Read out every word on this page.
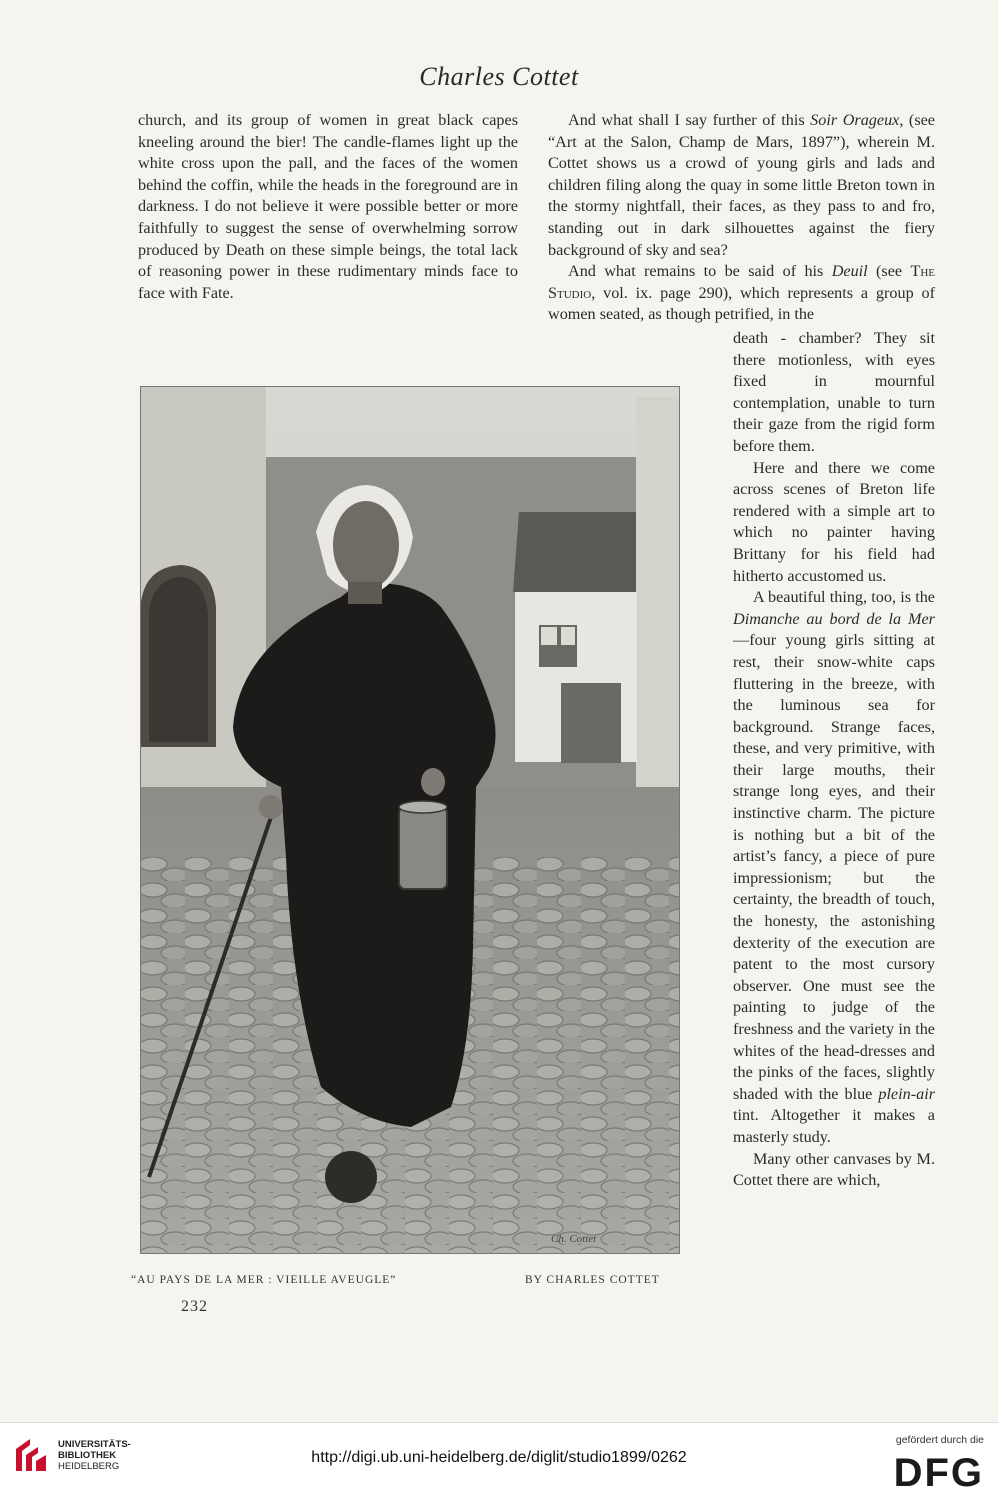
Charles Cottet

church, and its group of women in great black capes kneeling around the bier! The candle-flames light up the white cross upon the pall, and the faces of the women behind the coffin, while the heads in the foreground are in darkness. I do not believe it were possible better or more faithfully to suggest the sense of overwhelming sorrow produced by Death on these simple beings, the total lack of reasoning power in these rudimentary minds face to face with Fate.

And what shall I say further of this Soir Orageux, (see “Art at the Salon, Champ de Mars, 1897”), wherein M. Cottet shows us a crowd of young girls and lads and children filing along the quay in some little Breton town in the stormy nightfall, their faces, as they pass to and fro, standing out in dark silhouettes against the fiery background of sky and sea?

And what remains to be said of his Deuil (see The Studio, vol. ix. page 290), which represents a group of women seated, as though petrified, in the

death - chamber? They sit there motionless, with eyes fixed in mournful contemplation, unable to turn their gaze from the rigid form before them.

Here and there we come across scenes of Breton life rendered with a simple art to which no painter having Brittany for his field had hitherto accustomed us.

A beautiful thing, too, is the Dimanche au bord de la Mer—four young girls sitting at rest, their snow-white caps fluttering in the breeze, with the luminous sea for background. Strange faces, these, and very primitive, with their large mouths, their strange long eyes, and their instinctive charm. The picture is nothing but a bit of the artist’s fancy, a piece of pure impressionism; but the certainty, the breadth of touch, the honesty, the astonishing dexterity of the execution are patent to the most cursory observer. One must see the painting to judge of the freshness and the variety in the whites of the head-dresses and the pinks of the faces, slightly shaded with the blue plein-air tint. Altogether it makes a masterly study.

Many other canvases by M. Cottet there are which,

Ch. Cottet
“AU PAYS DE LA MER : VIEILLE AVEUGLE”	BY CHARLES COTTET
232
UNIVERSITÄTS-
BIBLIOTHEK
HEIDELBERG
http://digi.ub.uni-heidelberg.de/diglit/studio1899/0262
gefördert durch die
DFG
